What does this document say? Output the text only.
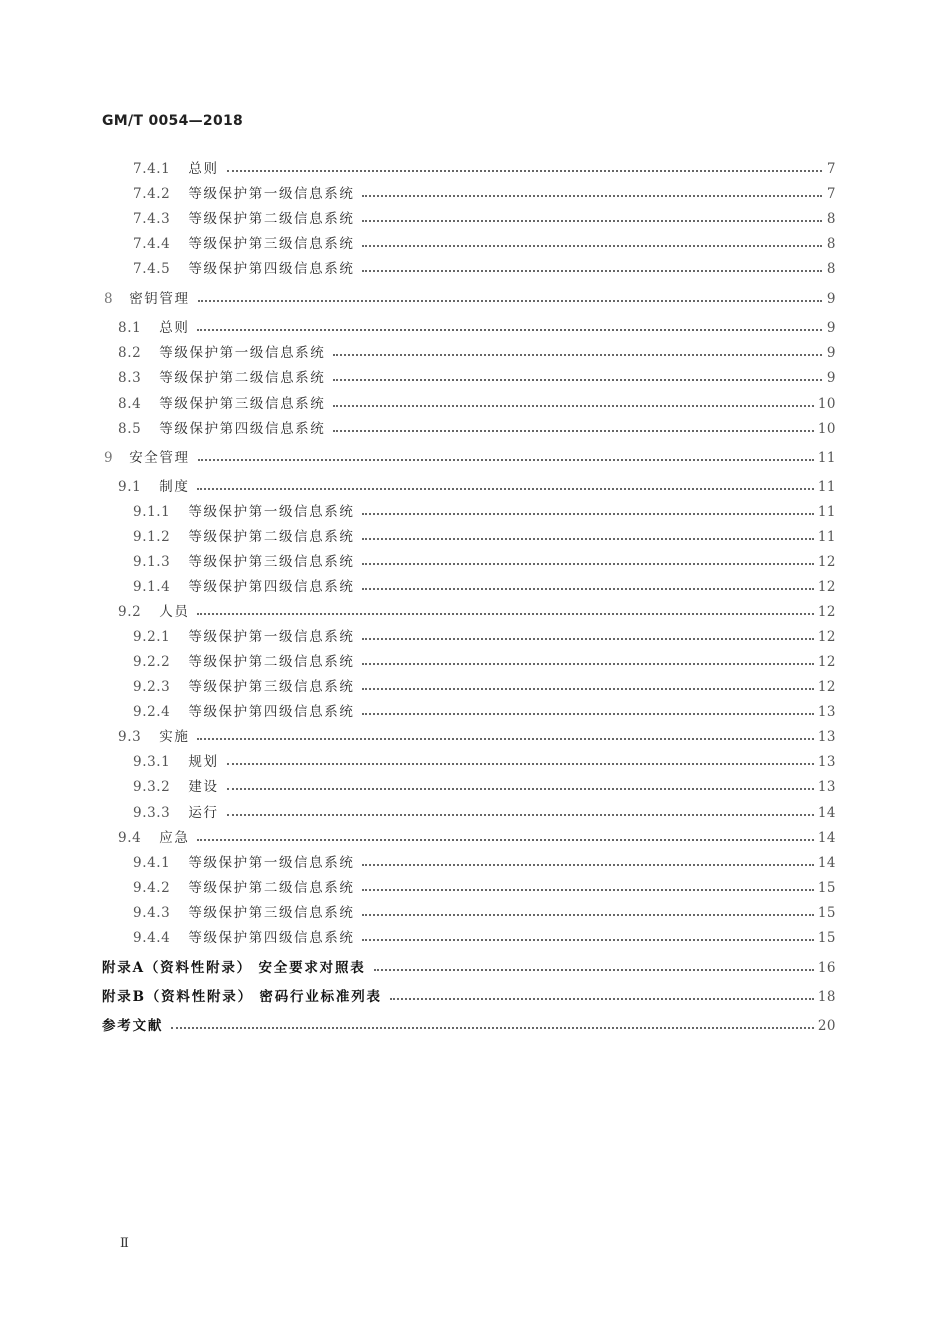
GM/T 0054—2018
7.4.1 总则	7
7.4.2 等级保护第一级信息系统	7
7.4.3 等级保护第二级信息系统	8
7.4.4 等级保护第三级信息系统	8
7.4.5 等级保护第四级信息系统	8
8 密钥管理	9
8.1 总则	9
8.2 等级保护第一级信息系统	9
8.3 等级保护第二级信息系统	9
8.4 等级保护第三级信息系统	10
8.5 等级保护第四级信息系统	10
9 安全管理	11
9.1 制度	11
9.1.1 等级保护第一级信息系统	11
9.1.2 等级保护第二级信息系统	11
9.1.3 等级保护第三级信息系统	12
9.1.4 等级保护第四级信息系统	12
9.2 人员	12
9.2.1 等级保护第一级信息系统	12
9.2.2 等级保护第二级信息系统	12
9.2.3 等级保护第三级信息系统	12
9.2.4 等级保护第四级信息系统	13
9.3 实施	13
9.3.1 规划	13
9.3.2 建设	13
9.3.3 运行	14
9.4 应急	14
9.4.1 等级保护第一级信息系统	14
9.4.2 等级保护第二级信息系统	15
9.4.3 等级保护第三级信息系统	15
9.4.4 等级保护第四级信息系统	15
附录A（资料性附录） 安全要求对照表	16
附录B（资料性附录） 密码行业标准列表	18
参考文献	20
Ⅱ
